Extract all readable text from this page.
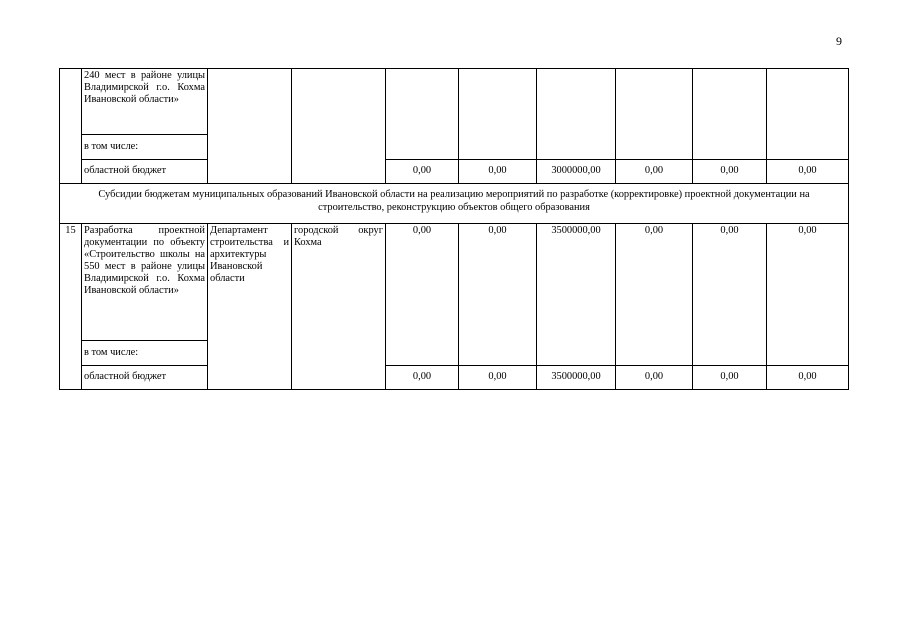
9
	240 мест в районе улицы Владимирской г.о. Кохма Ивановской области»								
	в том числе:								
	областной бюджет			0,00	0,00	3000000,00	0,00	0,00	0,00
Субсидии бюджетам муниципальных образований Ивановской области на реализацию мероприятий по разработке (корректировке) проектной документации на строительство, реконструкцию объектов общего образования									
15	Разработка проектной документации по объекту «Строительство школы на 550 мест в районе улицы Владимирской г.о. Кохма Ивановской области»	Департамент строительства и архитектуры Ивановской области	городской округ Кохма	0,00	0,00	3500000,00	0,00	0,00	0,00
	в том числе:								
	областной бюджет			0,00	0,00	3500000,00	0,00	0,00	0,00
